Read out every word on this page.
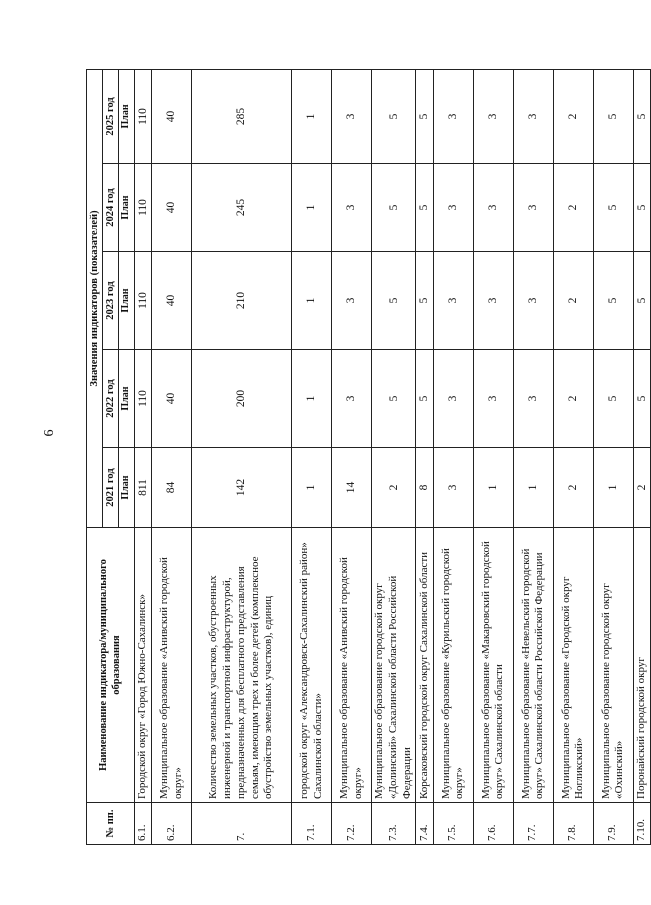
6
№ пп.	Наименование индикатора/муниципального образования	Значения индикаторов (показателей)				
		2021 год	2022 год	2023 год	2024 год	2025 год
		План	План	План	План	План
6.1.	Городской округ «Город Южно-Сахалинск»	811	110	110	110	110
6.2.	Муниципальное образование «Анивский городской округ»	84	40	40	40	40
7.	Количество земельных участков, обустроенных инженерной и транспортной инфраструктурой, предназначенных для бесплатного представления семьям, имеющим трех и более детей (комплексное обустройство земельных участков), единиц	142	200	210	245	285
7.1.	городской округ «Александровск-Сахалинский район» Сахалинской области»	1	1	1	1	1
7.2.	Муниципальное образование «Анивский городской округ»	14	3	3	3	3
7.3.	Муниципальное образование городской округ «Долинский» Сахалинской области Российской Федерации	2	5	5	5	5
7.4.	Корсаковский городской округ Сахалинской области	8	5	5	5	5
7.5.	Муниципальное образование «Курильский городской округ»	3	3	3	3	3
7.6.	Муниципальное образование «Макаровский городской округ» Сахалинской области	1	3	3	3	3
7.7.	Муниципальное образование «Невельский городской округ» Сахалинской области Российской Федерации	1	3	3	3	3
7.8.	Муниципальное образование «Городской округ Ногликский»	2	2	2	2	2
7.9.	Муниципальное образование городской округ «Охинский»	1	5	5	5	5
7.10.	Поронайский городской округ	2	5	5	5	5
